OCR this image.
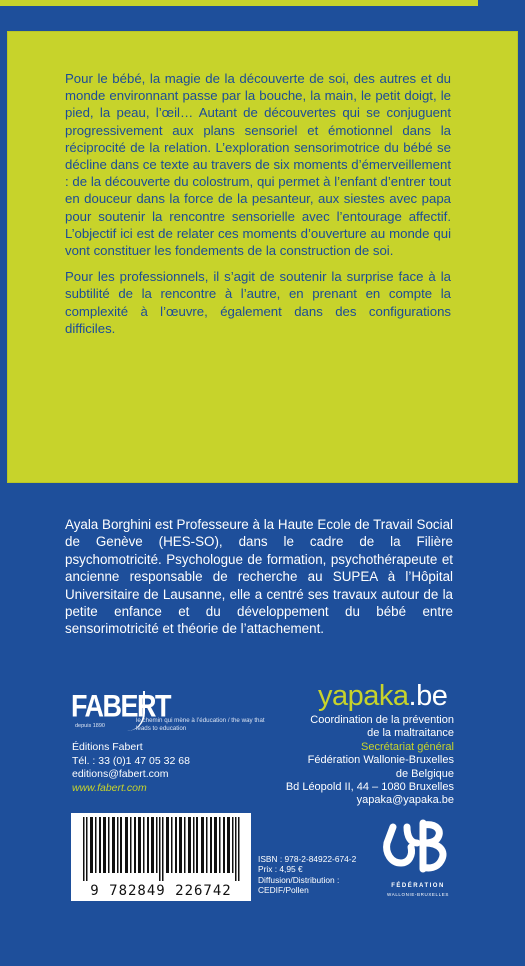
Pour le bébé, la magie de la découverte de soi, des autres et du monde environnant passe par la bouche, la main, le petit doigt, le pied, la peau, l’œil… Autant de découvertes qui se conjuguent progressivement aux plans sensoriel et émotionnel dans la réciprocité de la relation. L’exploration sensorimotrice du bébé se décline dans ce texte au travers de six moments d’émerveillement : de la découverte du colostrum, qui permet à l’enfant d’entrer tout en douceur dans la force de la pesanteur, aux siestes avec papa pour soutenir la rencontre sensorielle avec l’entourage affectif. L’objectif ici est de relater ces moments d’ouverture au monde qui vont constituer les fondements de la construction de soi.

Pour les professionnels, il s’agit de soutenir la surprise face à la subtilité de la rencontre à l’autre, en prenant en compte la complexité à l’œuvre, également dans des configurations difficiles.

Ayala Borghini est Professeure à la Haute Ecole de Travail Social de Genève (HES-SO), dans le cadre de la Filière psychomotricité. Psychologue de formation, psychothérapeute et ancienne responsable de recherche au SUPEA à l’Hôpital Universitaire de Lausanne, elle a centré ses travaux autour de la petite enfance et du développement du bébé entre sensorimotricité et théorie de l’attachement.

FABERT
depuis 1890
le chemin qui mène à l’éducation / the way that leads to education
Éditions Fabert
Tél. : 33 (0)1 47 05 32 68
editions@fabert.com
www.fabert.com
yapaka.be
Coordination de la prévention
de la maltraitance
Secrétariat général
Fédération Wallonie-Bruxelles
de Belgique
Bd Léopold II, 44 – 1080 Bruxelles
yapaka@yapaka.be
9 782849 226742
ISBN : 978-2-84922-674-2
Prix : 4,95 €
Diffusion/Distribution :
CEDIF/Pollen	FÉDÉRATION
WALLONIE-BRUXELLES
